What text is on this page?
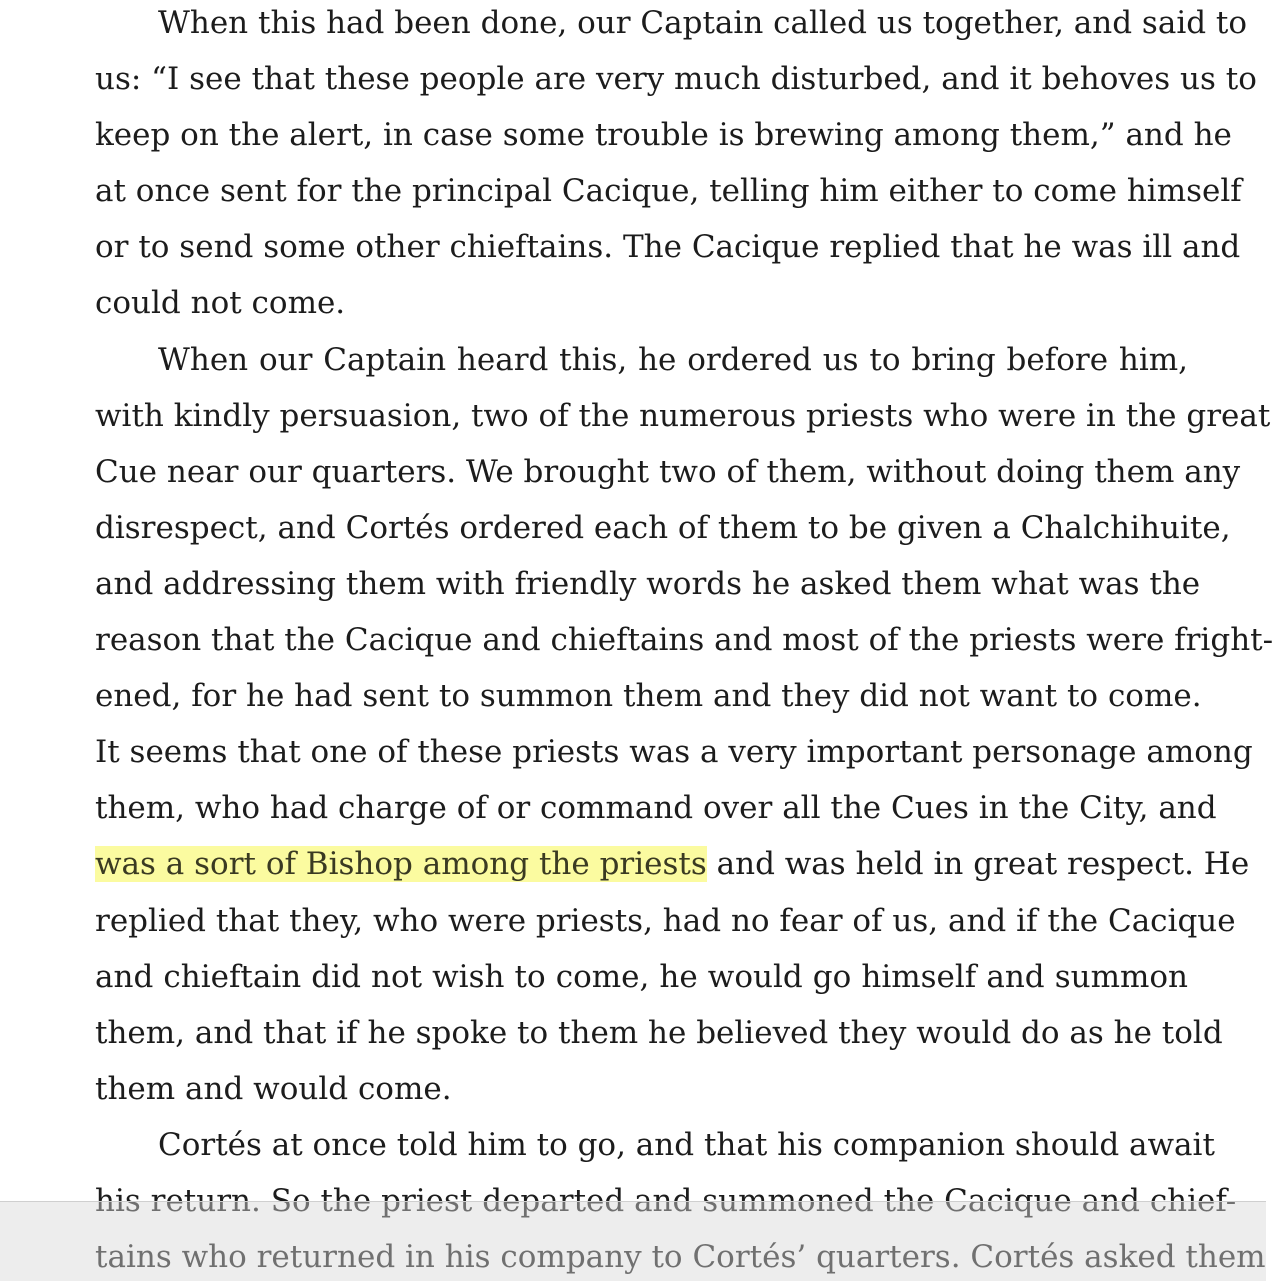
When this had been done, our Captain called us together, and said to
us: “I see that these people are very much disturbed, and it behoves us to
keep on the alert, in case some trouble is brewing among them,” and he
at once sent for the principal Cacique, telling him either to come himself
or to send some other chieftains. The Cacique replied that he was ill and
could not come.
When our Captain heard this, he ordered us to bring before him,
with kindly persuasion, two of the numerous priests who were in the great
Cue near our quarters. We brought two of them, without doing them any
disrespect, and Cortés ordered each of them to be given a Chalchihuite,
and addressing them with friendly words he asked them what was the
reason that the Cacique and chieftains and most of the priests were fright-
ened, for he had sent to summon them and they did not want to come.
It seems that one of these priests was a very important personage among
them, who had charge of or command over all the Cues in the City, and
was a sort of Bishop among the priests and was held in great respect. He
replied that they, who were priests, had no fear of us, and if the Cacique
and chieftain did not wish to come, he would go himself and summon
them, and that if he spoke to them he believed they would do as he told
them and would come.
Cortés at once told him to go, and that his companion should await
his return. So the priest departed and summoned the Cacique and chief-
tains who returned in his company to Cortés’ quarters. Cortés asked them
